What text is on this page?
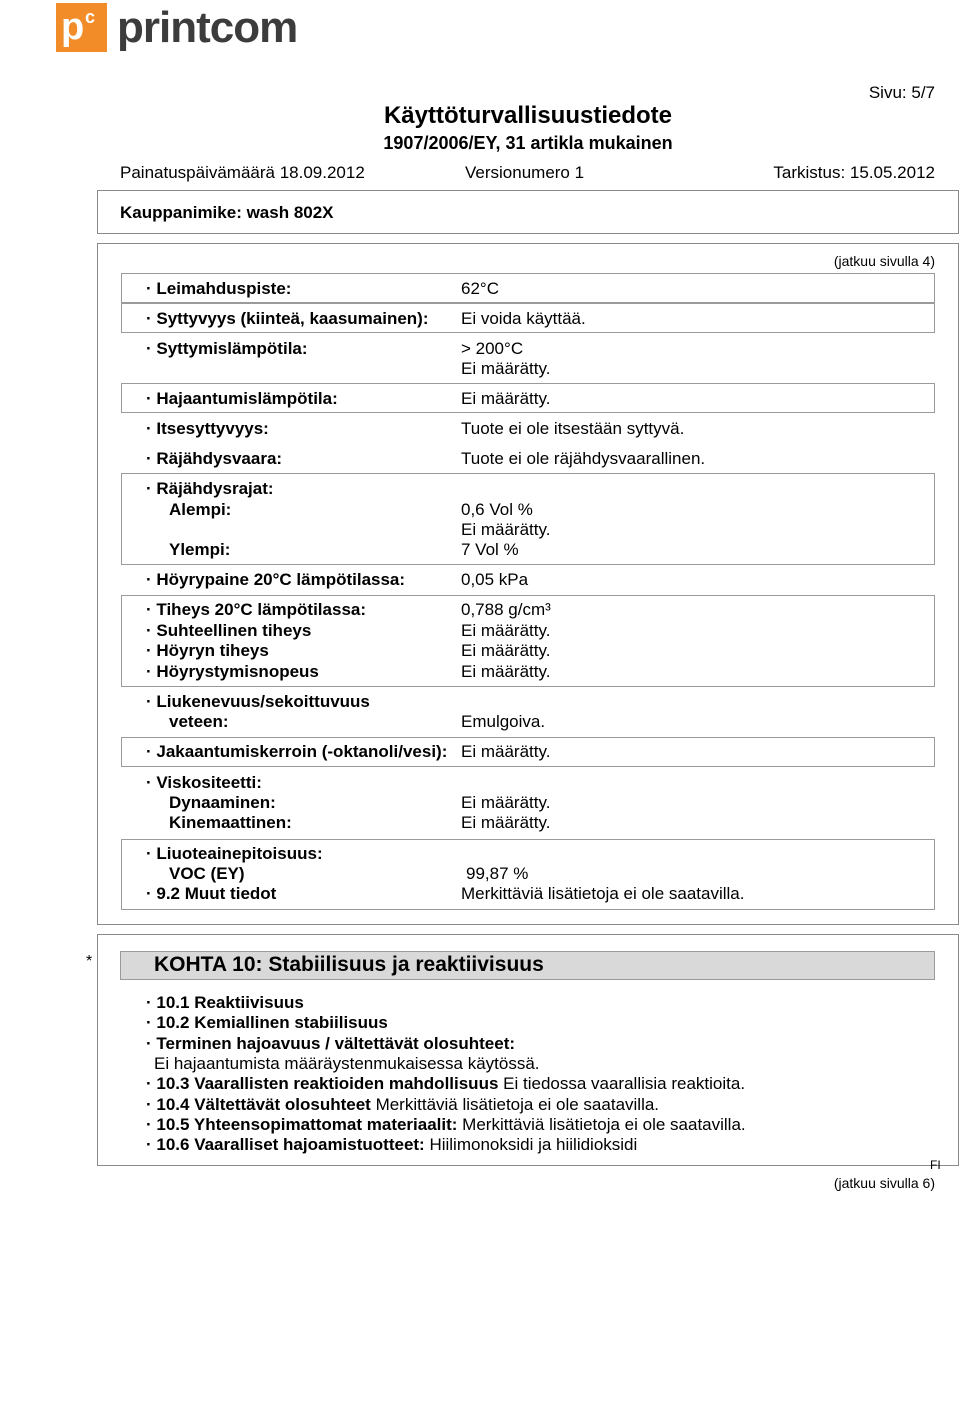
p c printcom
Sivu: 5/7
Käyttöturvallisuustiedote
1907/2006/EY, 31 artikla mukainen
Painatuspäivämäärä 18.09.2012	Versionumero 1	Tarkistus: 15.05.2012
Kauppanimike: wash 802X
(jatkuu sivulla 4)
· Leimahduspiste:	62°C
· Syttyvyys (kiinteä, kaasumainen): Ei voida käyttää.
· Syttymislämpötila:	> 200°C
Ei määrätty.
· Hajaantumislämpötila:	Ei määrätty.
· Itsesyttyvyys:	Tuote ei ole itsestään syttyvä.
· Räjähdysvaara:	Tuote ei ole räjähdysvaarallinen.
· Räjähdysrajat:
Alempi:	0,6 Vol %
Ei määrätty.
Ylempi:	7 Vol %
· Höyrypaine 20°C lämpötilassa:	0,05 kPa
· Tiheys 20°C lämpötilassa:	0,788 g/cm³
· Suhteellinen tiheys	Ei määrätty.
· Höyryn tiheys	Ei määrätty.
· Höyrystymisnopeus	Ei määrätty.
· Liukenevuus/sekoittuvuus
veteen:	Emulgoiva.
· Jakaantumiskerroin (-oktanoli/vesi): Ei määrätty.
· Viskositeetti:
Dynaaminen:	Ei määrätty.
Kinemaattinen:	Ei määrätty.
· Liuoteainepitoisuus:
VOC (EY)	99,87 %
· 9.2 Muut tiedot	Merkittäviä lisätietoja ei ole saatavilla.
*	KOHTA 10: Stabiilisuus ja reaktiivisuus
· 10.1 Reaktiivisuus
· 10.2 Kemiallinen stabiilisuus
· Terminen hajoavuus / vältettävät olosuhteet:
Ei hajaantumista määräystenmukaisessa käytössä.
· 10.3 Vaarallisten reaktioiden mahdollisuus Ei tiedossa vaarallisia reaktioita.
· 10.4 Vältettävät olosuhteet Merkittäviä lisätietoja ei ole saatavilla.
· 10.5 Yhteensopimattomat materiaalit: Merkittäviä lisätietoja ei ole saatavilla.
· 10.6 Vaaralliset hajoamistuotteet: Hiilimonoksidi ja hiilidioksidi
FI
(jatkuu sivulla 6)
